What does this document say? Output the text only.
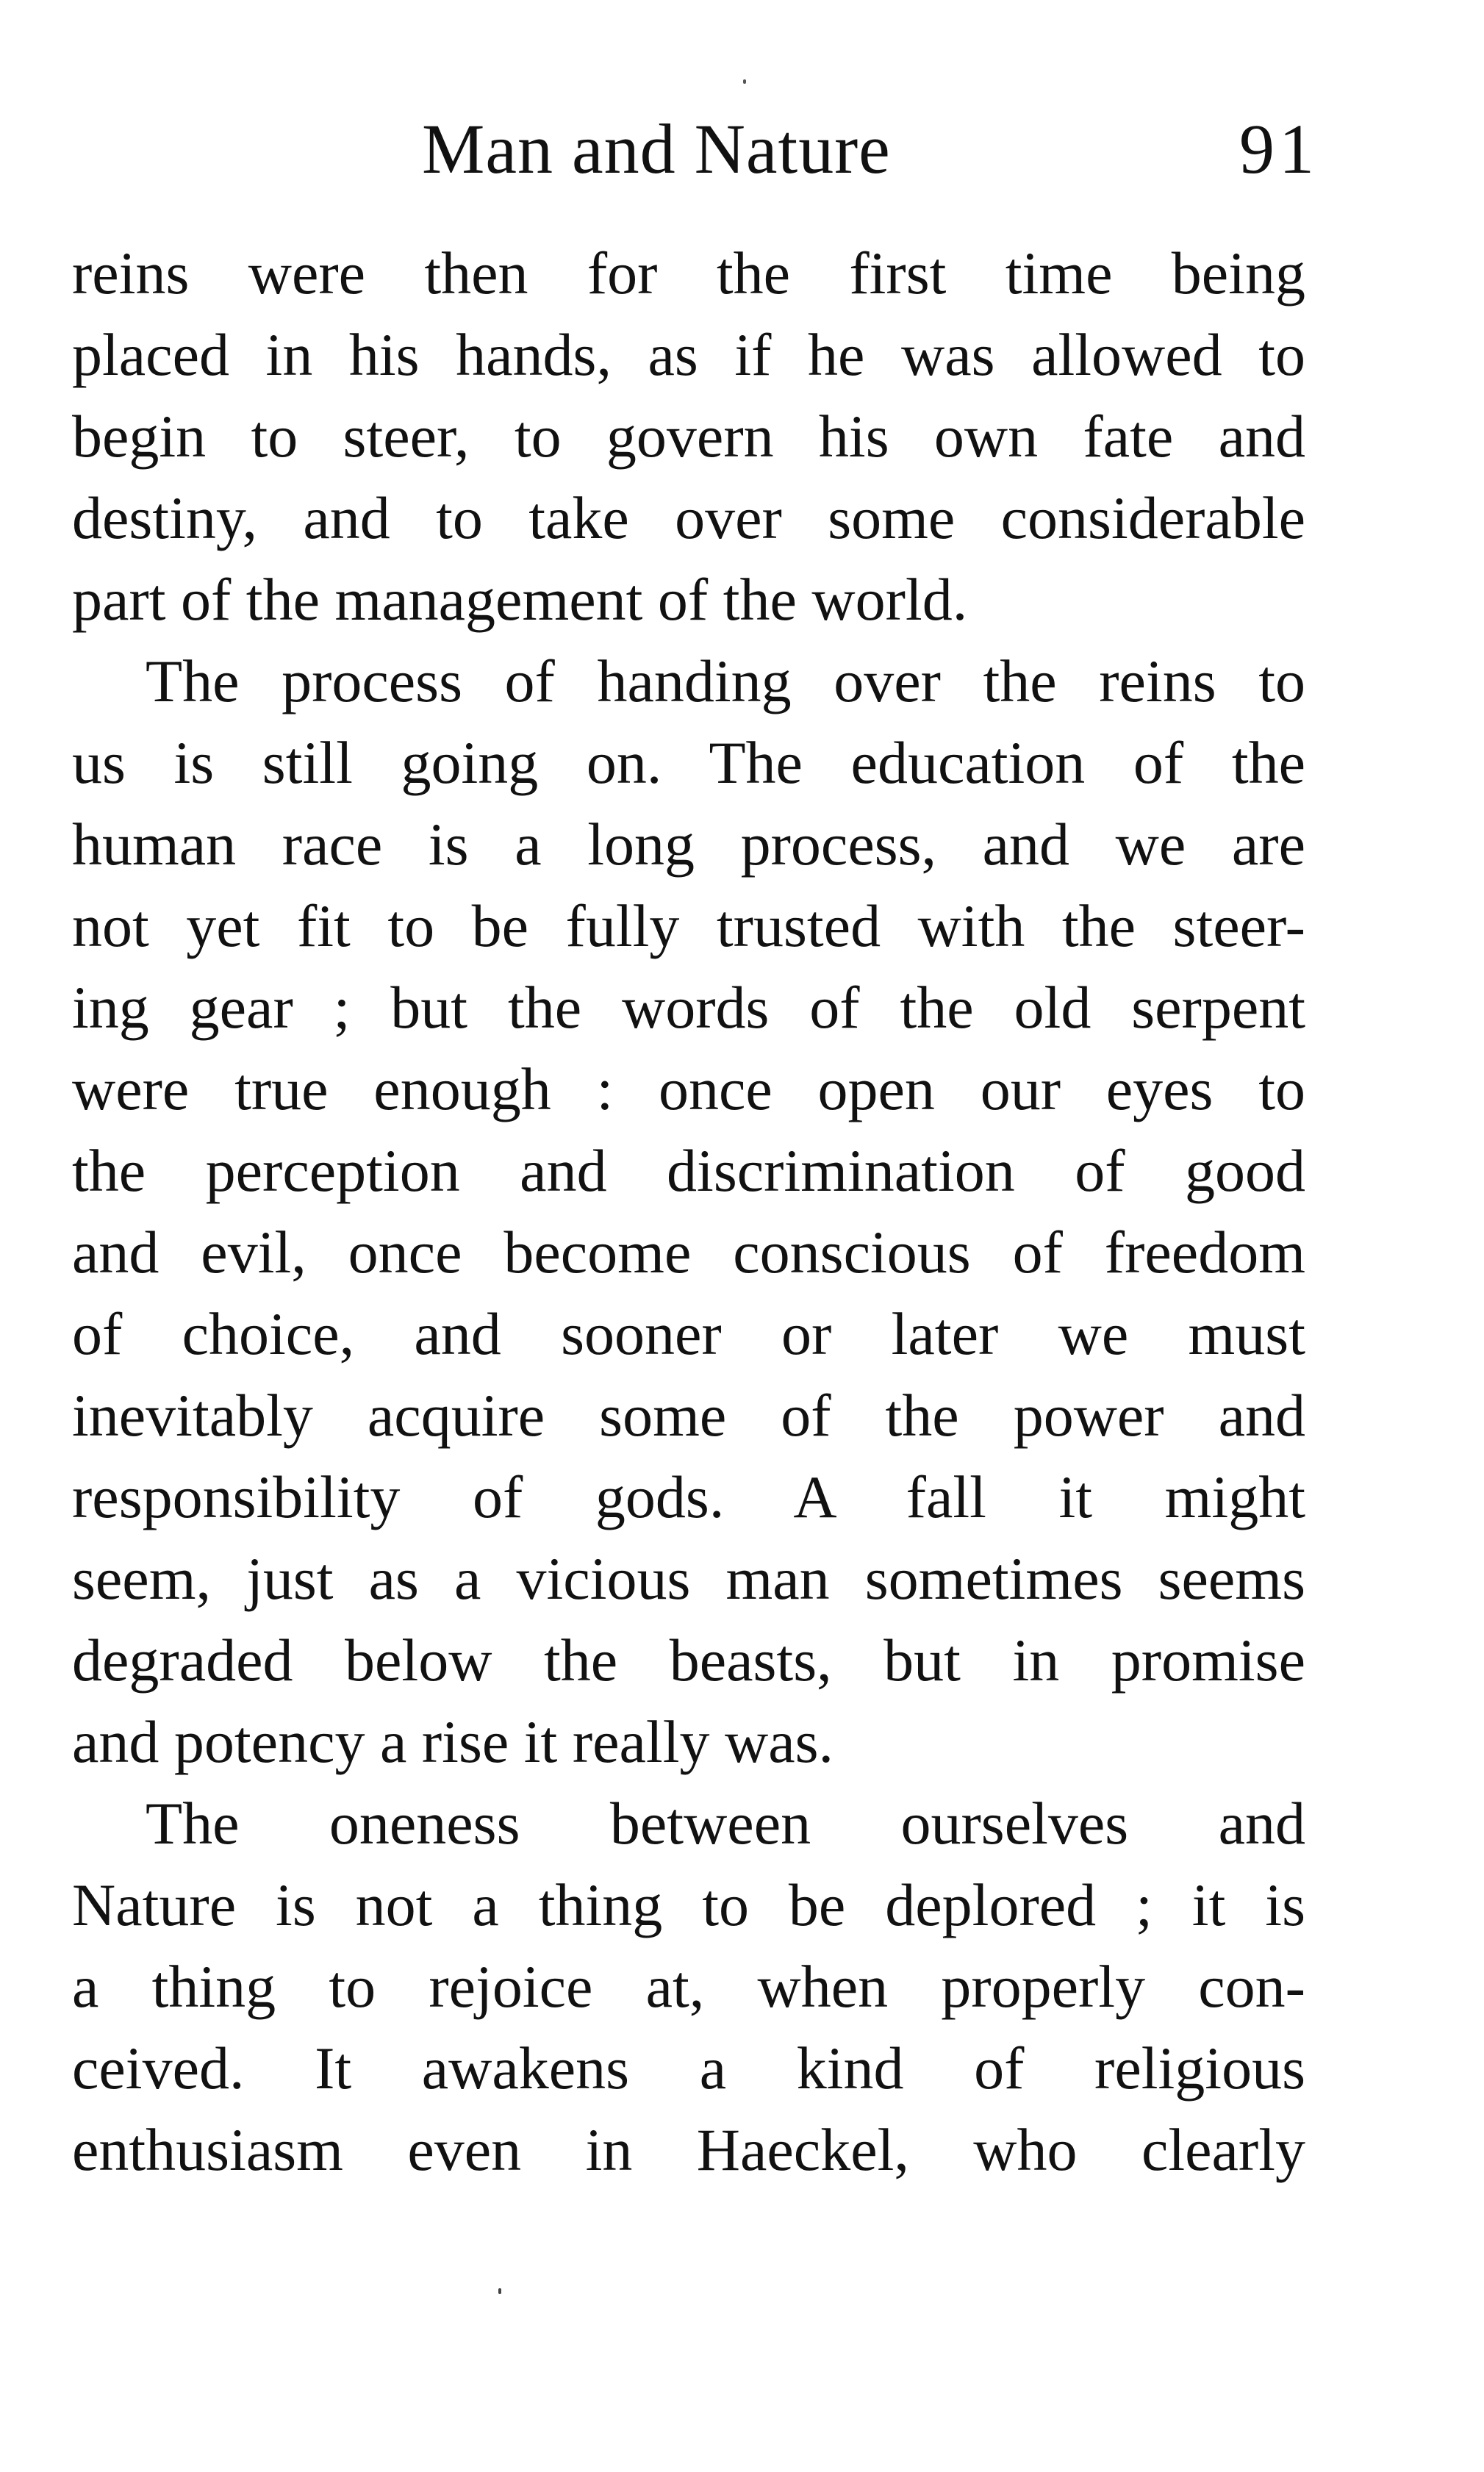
Man and Nature	91
reins were then for the first time being
placed in his hands, as if he was allowed to
begin to steer, to govern his own fate and
destiny, and to take over some considerable
part of the management of the world.
The process of handing over the reins to
us is still going on. The education of the
human race is a long process, and we are
not yet fit to be fully trusted with the steer-
ing gear ; but the words of the old serpent
were true enough : once open our eyes to
the perception and discrimination of good
and evil, once become conscious of freedom
of choice, and sooner or later we must
inevitably acquire some of the power and
responsibility of gods. A fall it might
seem, just as a vicious man sometimes seems
degraded below the beasts, but in promise
and potency a rise it really was.
The oneness between ourselves and
Nature is not a thing to be deplored ; it is
a thing to rejoice at, when properly con-
ceived. It awakens a kind of religious
enthusiasm even in Haeckel, who clearly
